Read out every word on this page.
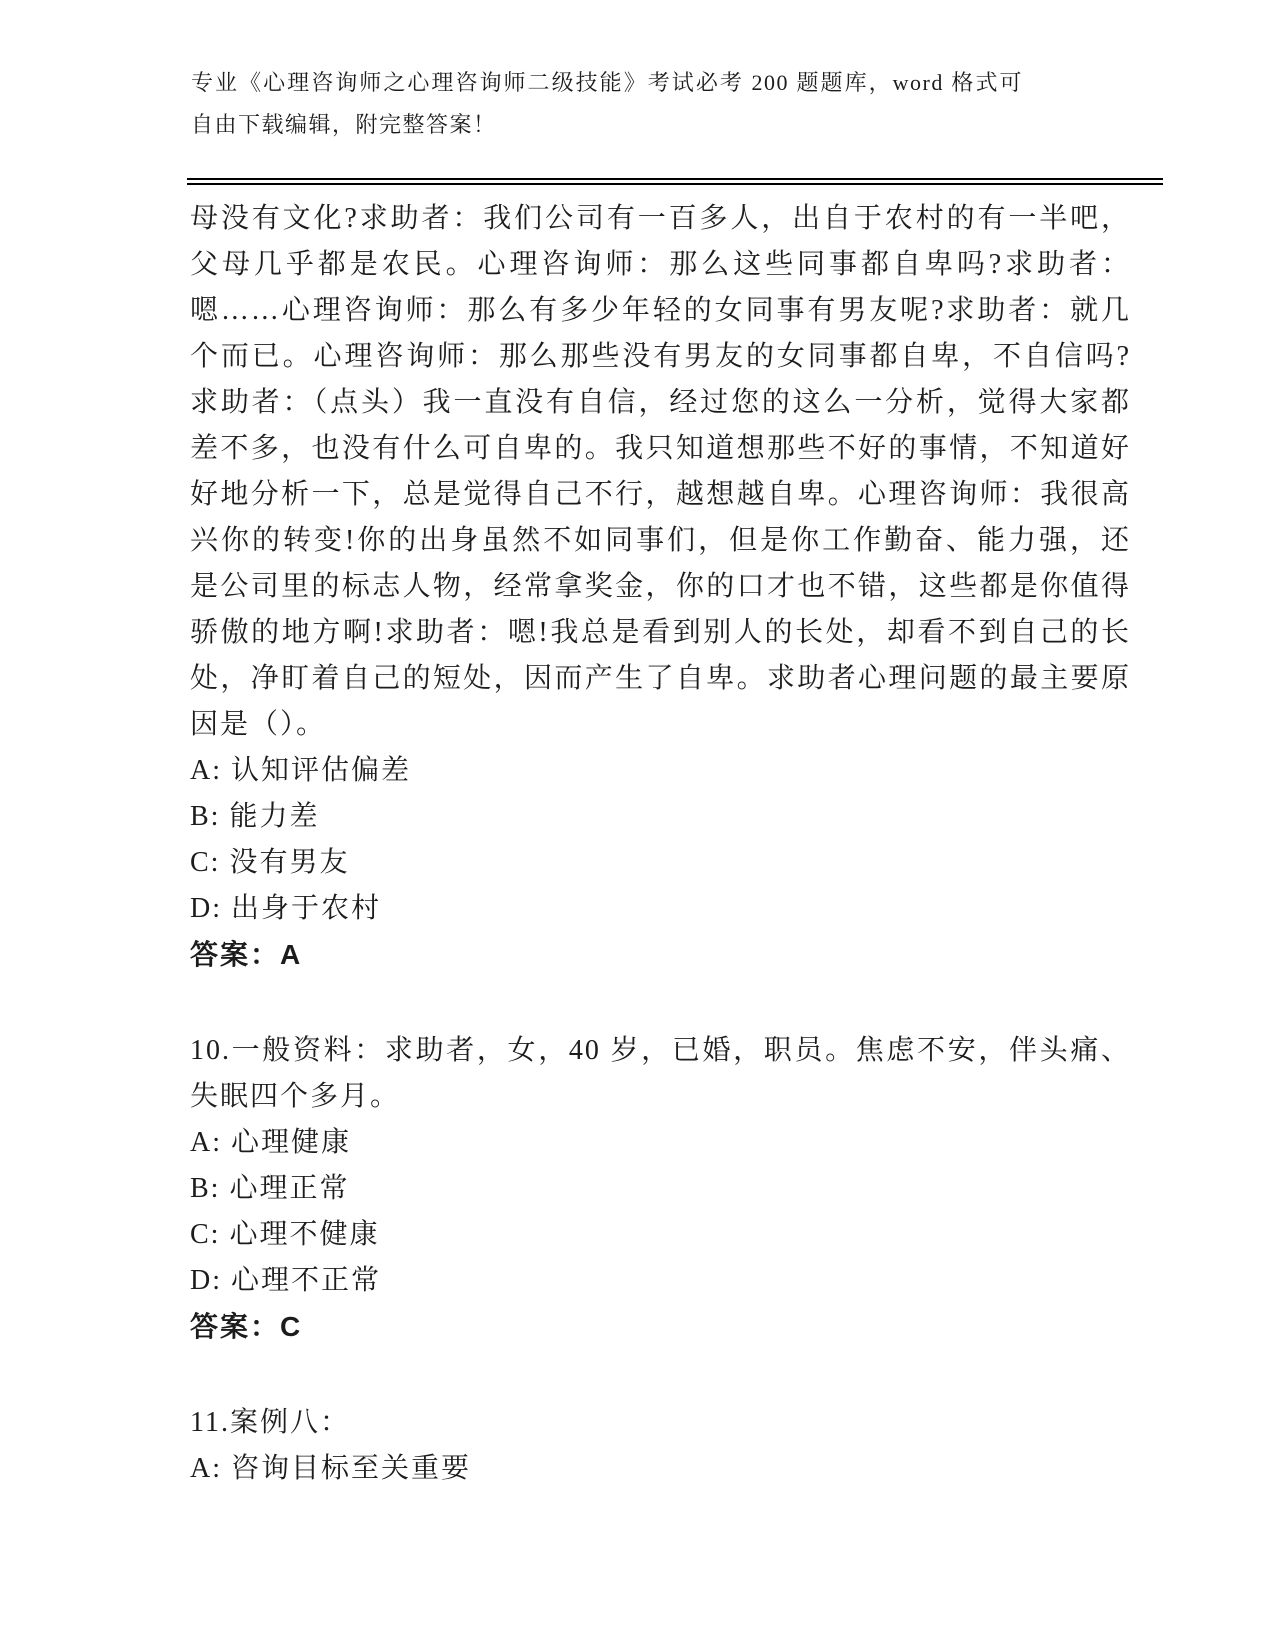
专业《心理咨询师之心理咨询师二级技能》考试必考 200 题题库，word 格式可自由下载编辑，附完整答案！

母没有文化?求助者：我们公司有一百多人，出自于农村的有一半吧，父母几乎都是农民。心理咨询师：那么这些同事都自卑吗?求助者：嗯……心理咨询师：那么有多少年轻的女同事有男友呢?求助者：就几个而已。心理咨询师：那么那些没有男友的女同事都自卑，不自信吗?求助者：（点头）我一直没有自信，经过您的这么一分析，觉得大家都差不多，也没有什么可自卑的。我只知道想那些不好的事情，不知道好好地分析一下，总是觉得自己不行，越想越自卑。心理咨询师：我很高兴你的转变!你的出身虽然不如同事们，但是你工作勤奋、能力强，还是公司里的标志人物，经常拿奖金，你的口才也不错，这些都是你值得骄傲的地方啊!求助者：嗯!我总是看到别人的长处，却看不到自己的长处，净盯着自己的短处，因而产生了自卑。求助者心理问题的最主要原因是（）。

A: 认知评估偏差

B: 能力差

C: 没有男友

D: 出身于农村

答案：A

10.一般资料：求助者，女，40 岁，已婚，职员。焦虑不安，伴头痛、失眠四个多月。

A: 心理健康

B: 心理正常

C: 心理不健康

D: 心理不正常

答案：C

11.案例八：

A: 咨询目标至关重要
